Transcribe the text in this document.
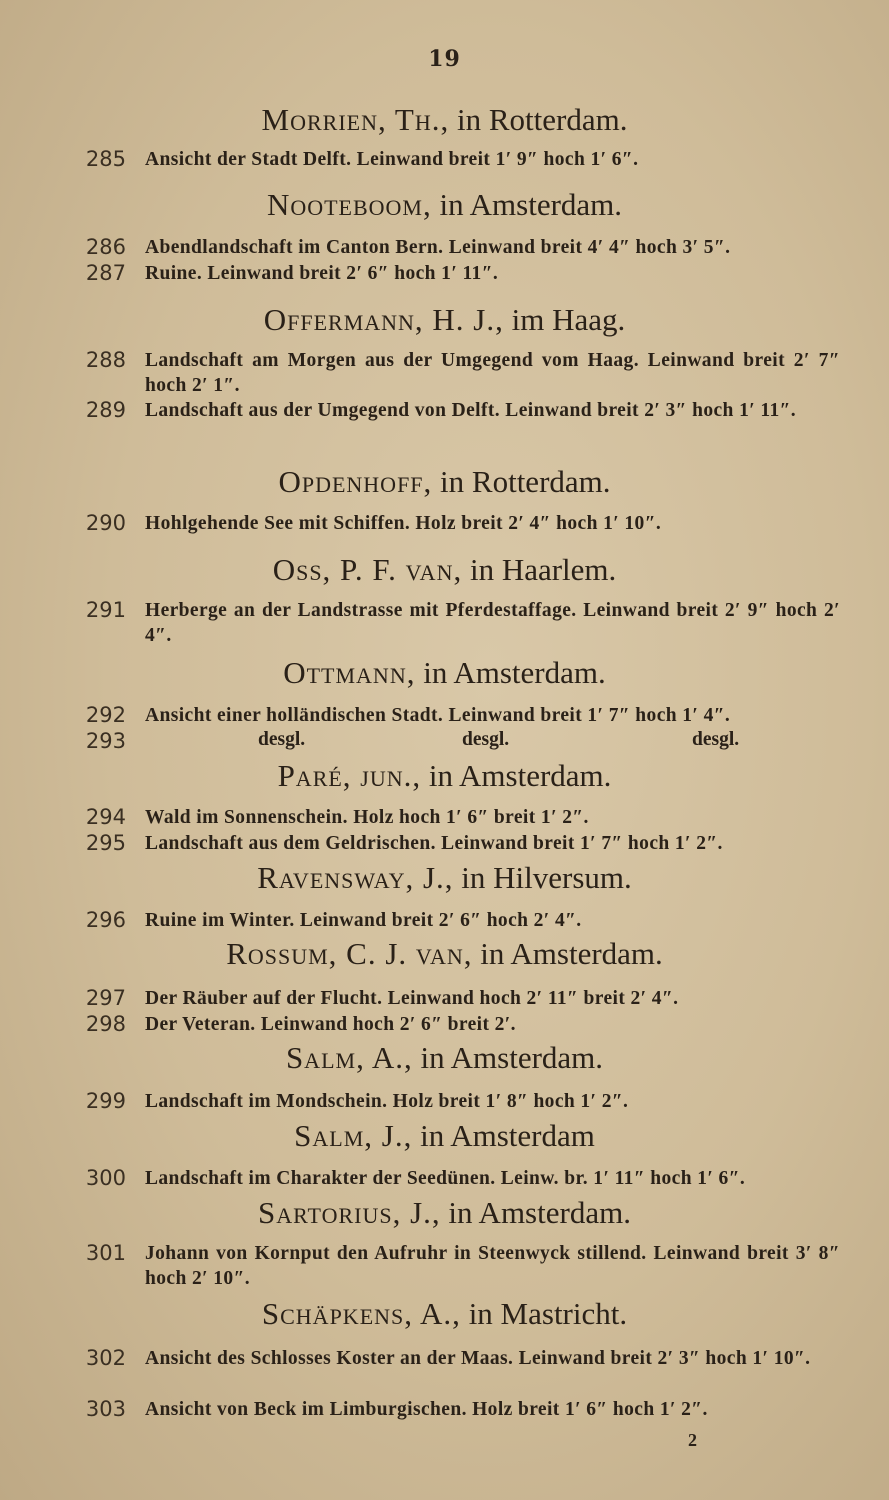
19
Morrien, Th., in Rotterdam.
285 Ansicht der Stadt Delft. Leinwand breit 1′ 9″ hoch 1′ 6″.
Nooteboom, in Amsterdam.
286 Abendlandschaft im Canton Bern. Leinwand breit 4′ 4″ hoch 3′ 5″.
287 Ruine. Leinwand breit 2′ 6″ hoch 1′ 11″.
Offermann, H. J., im Haag.
288 Landschaft am Morgen aus der Umgegend vom Haag. Leinwand breit 2′ 7″ hoch 2′ 1″.
289 Landschaft aus der Umgegend von Delft. Leinwand breit 2′ 3″ hoch 1′ 11″.
Opdenhoff, in Rotterdam.
290 Hohlgehende See mit Schiffen. Holz breit 2′ 4″ hoch 1′ 10″.
Oss, P. F. van, in Haarlem.
291 Herberge an der Landstrasse mit Pferdestaffage. Leinwand breit 2′ 9″ hoch 2′ 4″.
Ottmann, in Amsterdam.
292 Ansicht einer holländischen Stadt. Leinwand breit 1′ 7″ hoch 1′ 4″.
293	desgl.	desgl.	desgl.
Paré, jun., in Amsterdam.
294 Wald im Sonnenschein. Holz hoch 1′ 6″ breit 1′ 2″.
295 Landschaft aus dem Geldrischen. Leinwand breit 1′ 7″ hoch 1′ 2″.
Ravensway, J., in Hilversum.
296 Ruine im Winter. Leinwand breit 2′ 6″ hoch 2′ 4″.
Rossum, C. J. van, in Amsterdam.
297 Der Räuber auf der Flucht. Leinwand hoch 2′ 11″ breit 2′ 4″.
298 Der Veteran. Leinwand hoch 2′ 6″ breit 2′.
Salm, A., in Amsterdam.
299 Landschaft im Mondschein. Holz breit 1′ 8″ hoch 1′ 2″.
Salm, J., in Amsterdam
300 Landschaft im Charakter der Seedünen. Leinw. br. 1′ 11″ hoch 1′ 6″.
Sartorius, J., in Amsterdam.
301 Johann von Kornput den Aufruhr in Steenwyck stillend. Leinwand breit 3′ 8″ hoch 2′ 10″.
Schäpkens, A., in Mastricht.
302 Ansicht des Schlosses Koster an der Maas. Leinwand breit 2′ 3″ hoch 1′ 10″.
303 Ansicht von Beck im Limburgischen. Holz breit 1′ 6″ hoch 1′ 2″.
2
